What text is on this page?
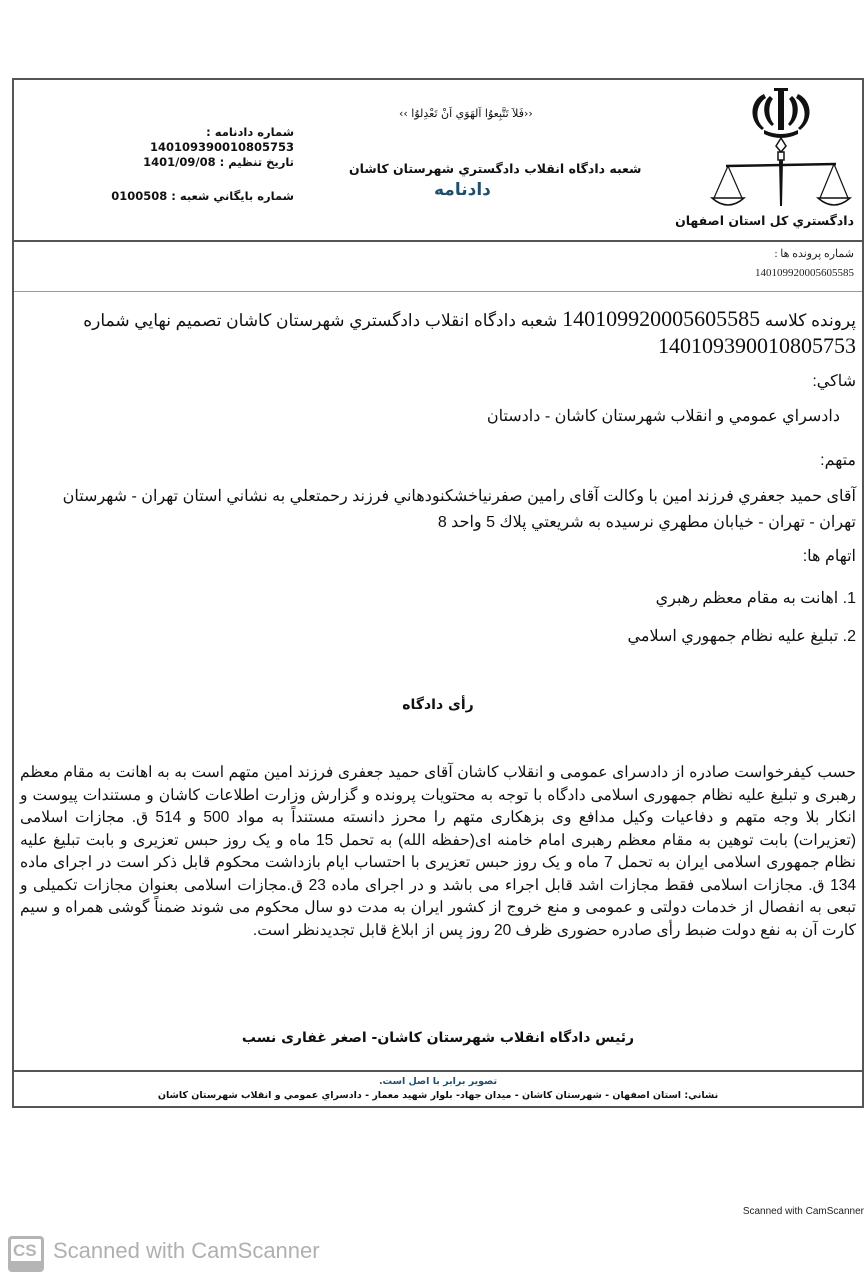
دادگستري كل استان اصفهان
‹‹فَلاَ تَتَّبِعوُا اَلهَوَي اَنْ تَعْدِلوُا ››
شعبه دادگاه انقلاب دادگستري شهرستان كاشان
دادنامه
شماره دادنامه : 140109390010805753
تاريخ تنظيم : 1401/09/08
شماره بايگاني شعبه : 0100508
شماره پرونده ها :
140109920005605585
پرونده كلاسه 140109920005605585 شعبه دادگاه انقلاب دادگستري شهرستان كاشان تصميم نهايي شماره 140109390010805753
شاكي:
دادسراي عمومي و انقلاب شهرستان كاشان - دادستان
متهم:
آقاى حميد جعفري فرزند امين با وكالت آقاى رامين صفرنياخشكنودهاني فرزند رحمتعلي به نشاني استان تهران - شهرستان تهران - تهران - خيابان مطهري نرسيده به شريعتي پلاك 5 واحد 8
اتهام ها:
1. اهانت به مقام معظم رهبري
2. تبليغ عليه نظام جمهوري اسلامي
رأی دادگاه
حسب کیفرخواست صادره از دادسرای عمومی و انقلاب کاشان آقای حمید جعفری فرزند امین متهم است به به اهانت به مقام معظم رهبری و تبلیغ علیه نظام جمهوری اسلامی دادگاه با توجه به محتویات پرونده و گزارش وزارت اطلاعات کاشان و مستندات پیوست و انکار بلا وجه متهم و دفاعیات وکیل مدافع وی بزهکاری متهم را محرز دانسته مستنداً به مواد 500 و 514 ق. مجازات اسلامی (تعزیرات) بابت توهین به مقام معظم رهبری امام خامنه ای(حفظه الله) به تحمل 15 ماه و یک روز حبس تعزیری و بابت تبلیغ علیه نظام جمهوری اسلامی ایران به تحمل 7 ماه و یک روز حبس تعزیری با احتساب ایام بازداشت محکوم قابل ذکر است در اجرای ماده 134 ق. مجازات اسلامی فقط مجازات اشد قابل اجراء می باشد و در اجرای ماده 23 ق.مجازات اسلامی بعنوان مجازات تکمیلی و تبعی به انفصال از خدمات دولتی و عمومی و منع خروج از کشور ایران به مدت دو سال محکوم می شوند ضمناً گوشی همراه و سیم کارت آن به نفع دولت ضبط رأی صادره حضوری ظرف 20 روز پس از ابلاغ قابل تجدیدنظر است.
رئيس دادگاه انقلاب شهرستان كاشان- اصغر غفارى نسب
تصوير برابر با اصل است.
نشاني: استان اصفهان - شهرستان كاشان - ميدان جهاد- بلوار شهيد معمار - دادسراي عمومي و انقلاب شهرستان كاشان
Scanned with CamScanner
CS Scanned with CamScanner
